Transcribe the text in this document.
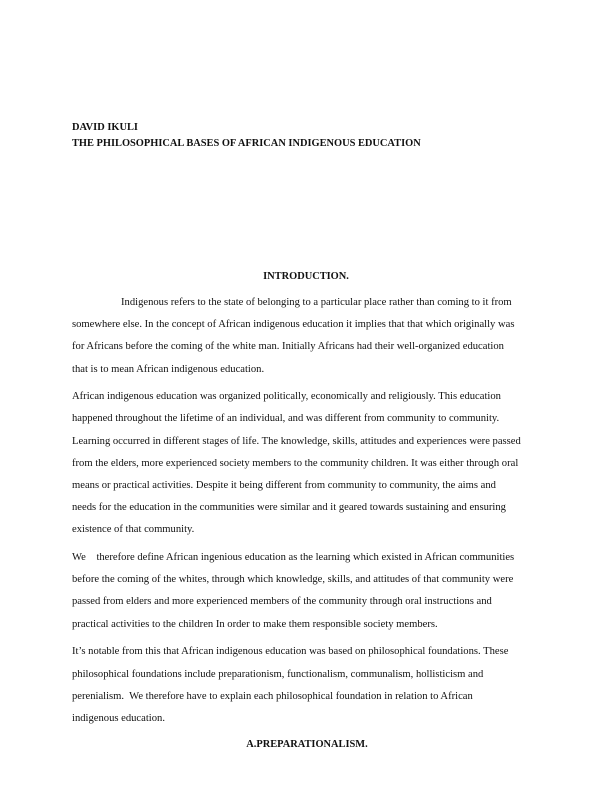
DAVID IKULI
THE PHILOSOPHICAL BASES OF AFRICAN INDIGENOUS EDUCATION
INTRODUCTION.
Indigenous refers to the state of belonging to a particular place rather than coming to it from
somewhere else. In the concept of African indigenous education it implies that that which originally was
for Africans before the coming of the white man. Initially Africans had their well-organized education
that is to mean African indigenous education.
African indigenous education was organized politically, economically and religiously. This education
happened throughout the lifetime of an individual, and was different from community to community.
Learning occurred in different stages of life. The knowledge, skills, attitudes and experiences were passed
from the elders, more experienced society members to the community children. It was either through oral
means or practical activities. Despite it being different from community to community, the aims and
needs for the education in the communities were similar and it geared towards sustaining and ensuring
existence of that community.
We    therefore define African ingenious education as the learning which existed in African communities
before the coming of the whites, through which knowledge, skills, and attitudes of that community were
passed from elders and more experienced members of the community through oral instructions and
practical activities to the children In order to make them responsible society members.
It’s notable from this that African indigenous education was based on philosophical foundations. These
philosophical foundations include preparationism, functionalism, communalism, hollisticism and
perenialism.  We therefore have to explain each philosophical foundation in relation to African
indigenous education.
A.PREPARATIONALISM.
